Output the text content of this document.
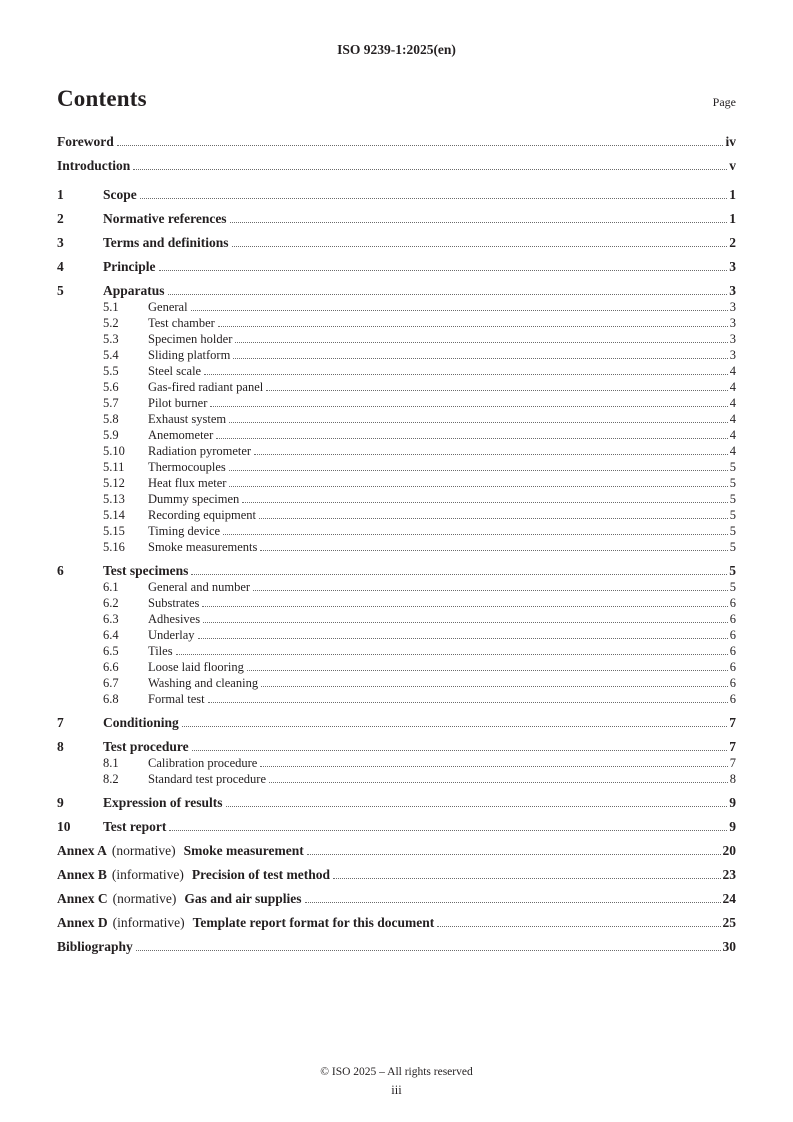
ISO 9239-1:2025(en)
Contents	Page
Foreword	iv
Introduction	v
1	Scope	1
2	Normative references	1
3	Terms and definitions	2
4	Principle	3
5	Apparatus	3
5.1	General	3
5.2	Test chamber	3
5.3	Specimen holder	3
5.4	Sliding platform	3
5.5	Steel scale	4
5.6	Gas-fired radiant panel	4
5.7	Pilot burner	4
5.8	Exhaust system	4
5.9	Anemometer	4
5.10	Radiation pyrometer	4
5.11	Thermocouples	5
5.12	Heat flux meter	5
5.13	Dummy specimen	5
5.14	Recording equipment	5
5.15	Timing device	5
5.16	Smoke measurements	5
6	Test specimens	5
6.1	General and number	5
6.2	Substrates	6
6.3	Adhesives	6
6.4	Underlay	6
6.5	Tiles	6
6.6	Loose laid flooring	6
6.7	Washing and cleaning	6
6.8	Formal test	6
7	Conditioning	7
8	Test procedure	7
8.1	Calibration procedure	7
8.2	Standard test procedure	8
9	Expression of results	9
10	Test report	9
Annex A (normative) Smoke measurement	20
Annex B (informative) Precision of test method	23
Annex C (normative) Gas and air supplies	24
Annex D (informative) Template report format for this document	25
Bibliography	30
© ISO 2025 – All rights reserved
iii
